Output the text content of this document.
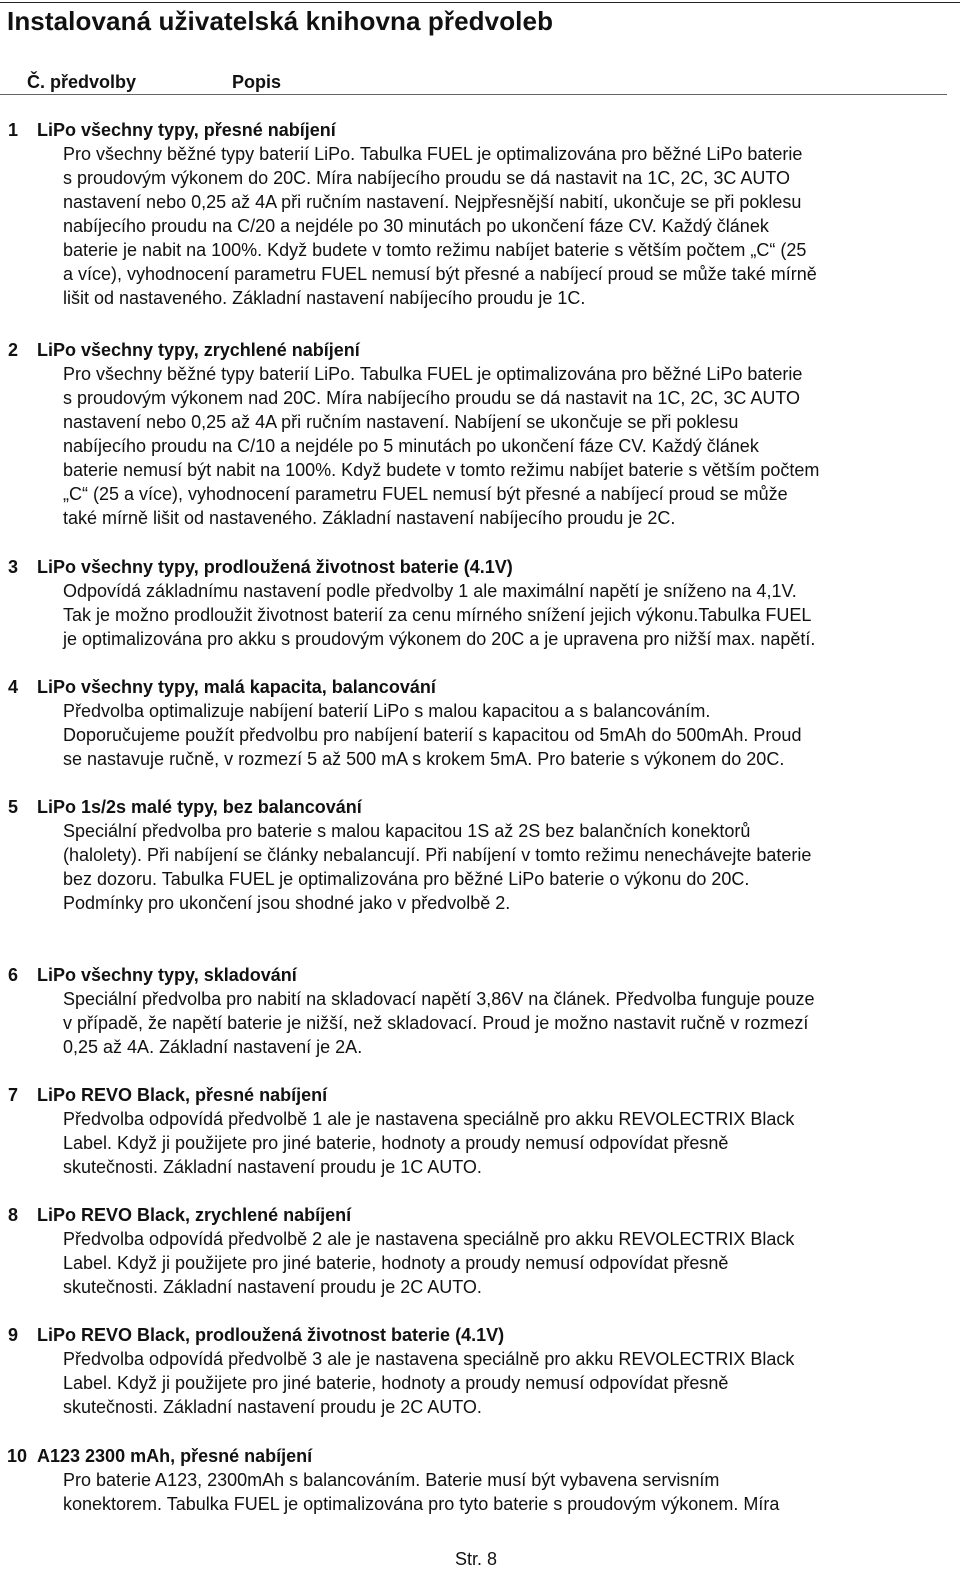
Instalovaná uživatelská knihovna předvoleb
Č. předvolby	Popis
1 LiPo všechny typy, přesné nabíjení
Pro všechny běžné typy baterií LiPo. Tabulka FUEL je optimalizována pro běžné LiPo baterie
s proudovým výkonem do 20C. Míra nabíjecího proudu se dá nastavit na 1C, 2C, 3C AUTO
nastavení nebo 0,25 až 4A při ručním nastavení. Nejpřesnější nabití, ukončuje se při poklesu
nabíjecího proudu na C/20 a nejdéle po 30 minutách po ukončení fáze CV. Každý článek
baterie je nabit na 100%. Když budete v tomto režimu nabíjet baterie s větším počtem „C“ (25
a více), vyhodnocení parametru FUEL nemusí být přesné a nabíjecí proud se může také mírně
lišit od nastaveného. Základní nastavení nabíjecího proudu je 1C.
2 LiPo všechny typy, zrychlené nabíjení
Pro všechny běžné typy baterií LiPo. Tabulka FUEL je optimalizována pro běžné LiPo baterie
s proudovým výkonem nad 20C. Míra nabíjecího proudu se dá nastavit na 1C, 2C, 3C AUTO
nastavení nebo 0,25 až 4A při ručním nastavení. Nabíjení se ukončuje se při poklesu
nabíjecího proudu na C/10 a nejdéle po 5 minutách po ukončení fáze CV. Každý článek
baterie nemusí být nabit na 100%. Když budete v tomto režimu nabíjet baterie s větším počtem
„C“ (25 a více), vyhodnocení parametru FUEL nemusí být přesné a nabíjecí proud se může
také mírně lišit od nastaveného. Základní nastavení nabíjecího proudu je 2C.
3 LiPo všechny typy, prodloužená životnost baterie (4.1V)
Odpovídá základnímu nastavení podle předvolby 1 ale maximální napětí je sníženo na 4,1V.
Tak je možno prodloužit životnost baterií za cenu mírného snížení jejich výkonu.Tabulka FUEL
je optimalizována pro akku s proudovým výkonem do 20C a je upravena pro nižší max. napětí.
4 LiPo všechny typy, malá kapacita, balancování
Předvolba optimalizuje nabíjení baterií LiPo s malou kapacitou a s balancováním.
Doporučujeme použít předvolbu pro nabíjení baterií s kapacitou od 5mAh do 500mAh. Proud
se nastavuje ručně, v rozmezí 5 až 500 mA s krokem 5mA. Pro baterie s výkonem do 20C.
5 LiPo 1s/2s malé typy, bez balancování
Speciální předvolba pro baterie s malou kapacitou 1S až 2S bez balančních konektorů
(halolety). Při nabíjení se články nebalancují. Při nabíjení v tomto režimu nenechávejte baterie
bez dozoru. Tabulka FUEL je optimalizována pro běžné LiPo baterie o výkonu do 20C.
Podmínky pro ukončení jsou shodné jako v předvolbě 2.
6 LiPo všechny typy, skladování
Speciální předvolba pro nabití na skladovací napětí 3,86V na článek. Předvolba funguje pouze
v případě, že napětí baterie je nižší, než skladovací. Proud je možno nastavit ručně v rozmezí
0,25 až 4A. Základní nastavení je 2A.
7 LiPo REVO Black, přesné nabíjení
Předvolba odpovídá předvolbě 1 ale je nastavena speciálně pro akku REVOLECTRIX Black
Label. Když ji použijete pro jiné baterie, hodnoty a proudy nemusí odpovídat přesně
skutečnosti. Základní nastavení proudu je 1C AUTO.
8 LiPo REVO Black, zrychlené nabíjení
Předvolba odpovídá předvolbě 2 ale je nastavena speciálně pro akku REVOLECTRIX Black
Label. Když ji použijete pro jiné baterie, hodnoty a proudy nemusí odpovídat přesně
skutečnosti. Základní nastavení proudu je 2C AUTO.
9 LiPo REVO Black, prodloužená životnost baterie (4.1V)
Předvolba odpovídá předvolbě 3 ale je nastavena speciálně pro akku REVOLECTRIX Black
Label. Když ji použijete pro jiné baterie, hodnoty a proudy nemusí odpovídat přesně
skutečnosti. Základní nastavení proudu je 2C AUTO.
10 A123 2300 mAh, přesné nabíjení
Pro baterie A123, 2300mAh s balancováním. Baterie musí být vybavena servisním
konektorem. Tabulka FUEL je optimalizována pro tyto baterie s proudovým výkonem. Míra
Str. 8
